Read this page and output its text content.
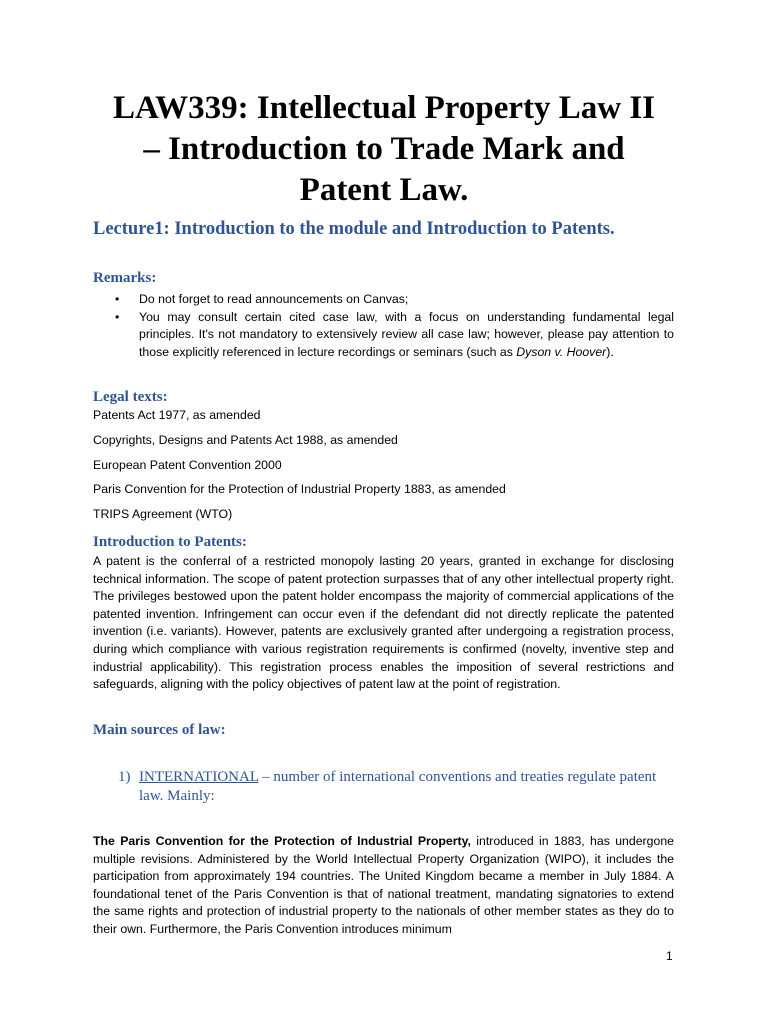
LAW339: Intellectual Property Law II
– Introduction to Trade Mark and
Patent Law.
Lecture1: Introduction to the module and Introduction to Patents.
Remarks:
• Do not forget to read announcements on Canvas;
• You may consult certain cited case law, with a focus on understanding fundamental legal principles. It's not mandatory to extensively review all case law; however, please pay attention to those explicitly referenced in lecture recordings or seminars (such as Dyson v. Hoover).
Legal texts:

Patents Act 1977, as amended

Copyrights, Designs and Patents Act 1988, as amended

European Patent Convention 2000

Paris Convention for the Protection of Industrial Property 1883, as amended

TRIPS Agreement (WTO)

Introduction to Patents:

A patent is the conferral of a restricted monopoly lasting 20 years, granted in exchange for disclosing technical information. The scope of patent protection surpasses that of any other intellectual property right. The privileges bestowed upon the patent holder encompass the majority of commercial applications of the patented invention. Infringement can occur even if the defendant did not directly replicate the patented invention (i.e. variants). However, patents are exclusively granted after undergoing a registration process, during which compliance with various registration requirements is confirmed (novelty, inventive step and industrial applicability). This registration process enables the imposition of several restrictions and safeguards, aligning with the policy objectives of patent law at the point of registration.

Main sources of law:

1) INTERNATIONAL – number of international conventions and treaties regulate patent
law. Mainly:

The Paris Convention for the Protection of Industrial Property, introduced in 1883, has undergone multiple revisions. Administered by the World Intellectual Property Organization (WIPO), it includes the participation from approximately 194 countries. The United Kingdom became a member in July 1884. A foundational tenet of the Paris Convention is that of national treatment, mandating signatories to extend the same rights and protection of industrial property to the nationals of other member states as they do to their own. Furthermore, the Paris Convention introduces minimum

1
